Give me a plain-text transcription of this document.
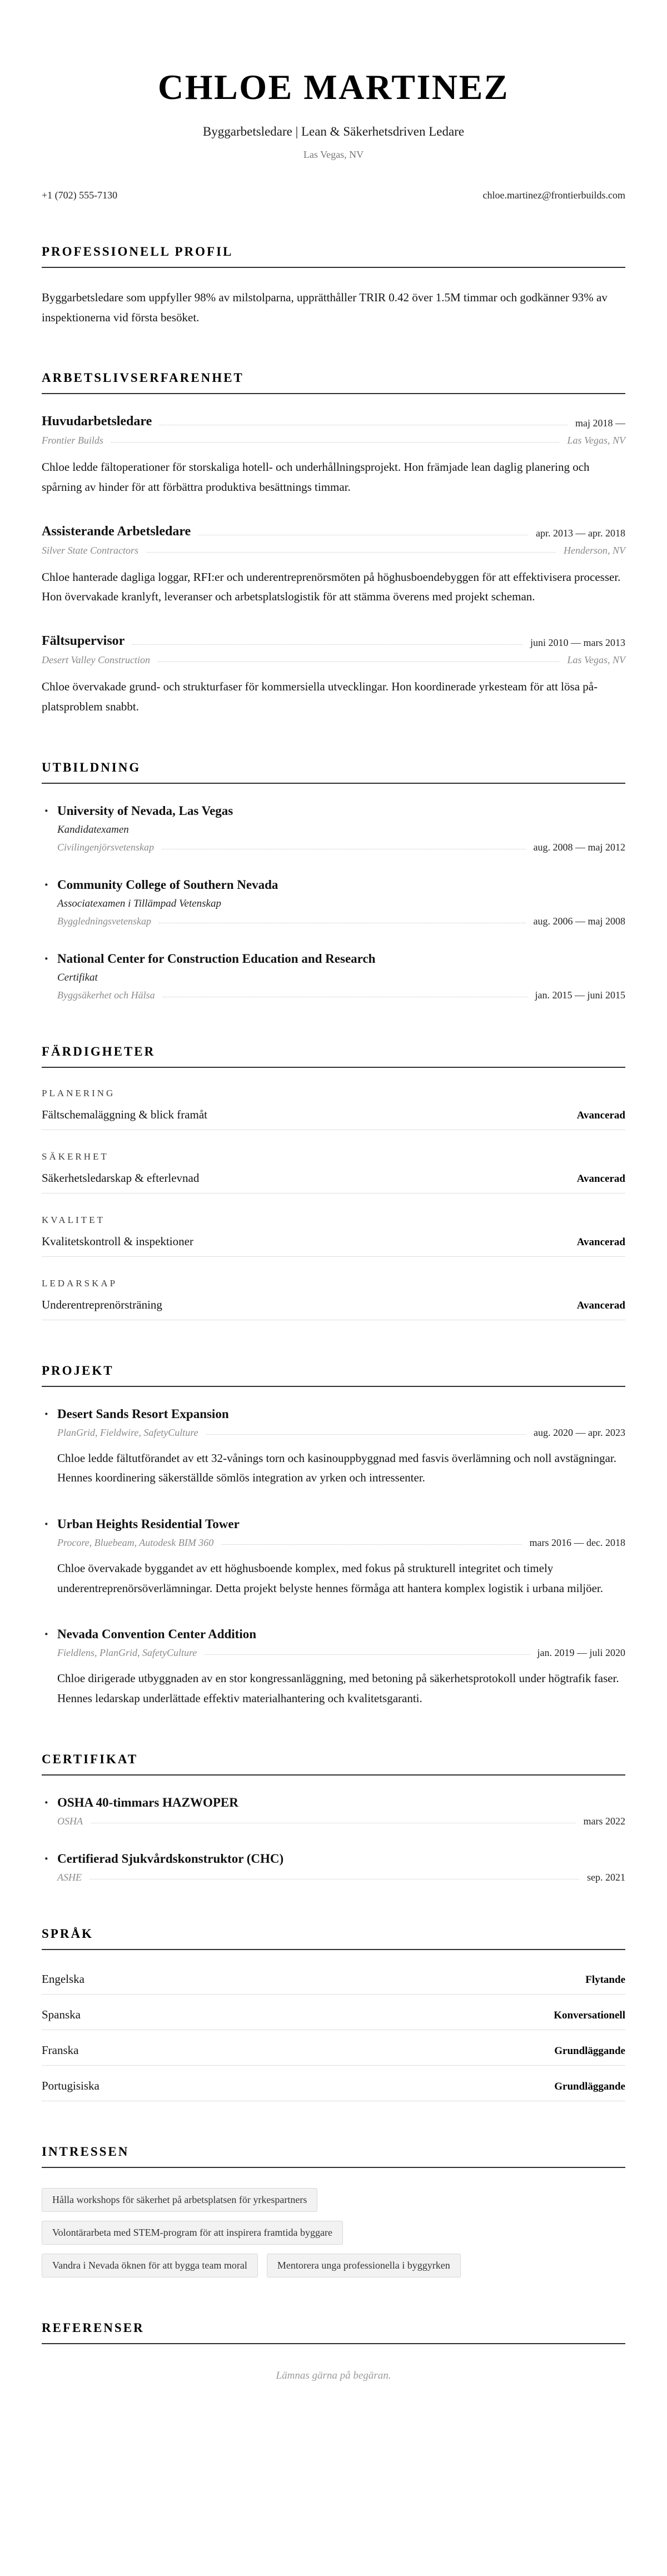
CHLOE MARTINEZ
Byggarbetsledare | Lean & Säkerhetsdriven Ledare
Las Vegas, NV
+1 (702) 555-7130	chloe.martinez@frontierbuilds.com
PROFESSIONELL PROFIL

Byggarbetsledare som uppfyller 98% av milstolparna, upprätthåller TRIR 0.42 över 1.5M timmar och godkänner 93% av inspektionerna vid första besöket.

ARBETSLIVSERFARENHET
Huvudarbetsledare	maj 2018 —
Frontier Builds	Las Vegas, NV

Chloe ledde fältoperationer för storskaliga hotell- och underhållningsprojekt. Hon främjade lean daglig planering och spårning av hinder för att förbättra produktiva besättnings timmar.

Assisterande Arbetsledare	apr. 2013 — apr. 2018
Silver State Contractors	Henderson, NV

Chloe hanterade dagliga loggar, RFI:er och underentreprenörsmöten på höghusboendebyggen för att effektivisera processer. Hon övervakade kranlyft, leveranser och arbetsplatslogistik för att stämma överens med projekt scheman.

Fältsupervisor	juni 2010 — mars 2013
Desert Valley Construction	Las Vegas, NV

Chloe övervakade grund- och strukturfaser för kommersiella utvecklingar. Hon koordinerade yrkesteam för att lösa på-platsproblem snabbt.

UTBILDNING
· University of Nevada, Las Vegas
Kandidatexamen
Civilingenjörsvetenskap	aug. 2008 — maj 2012
· Community College of Southern Nevada
Associatexamen i Tillämpad Vetenskap
Byggledningsvetenskap	aug. 2006 — maj 2008
· National Center for Construction Education and Research
Certifikat
Byggsäkerhet och Hälsa	jan. 2015 — juni 2015
FÄRDIGHETER
PLANERING
Fältschemaläggning & blick framåt	Avancerad
SÄKERHET
Säkerhetsledarskap & efterlevnad	Avancerad
KVALITET
Kvalitetskontroll & inspektioner	Avancerad
LEDARSKAP
Underentreprenörsträning	Avancerad
PROJEKT
· Desert Sands Resort Expansion
PlanGrid, Fieldwire, SafetyCulture	aug. 2020 — apr. 2023

Chloe ledde fältutförandet av ett 32-vånings torn och kasinouppbyggnad med fasvis överlämning och noll avstägningar. Hennes koordinering säkerställde sömlös integration av yrken och intressenter.

· Urban Heights Residential Tower
Procore, Bluebeam, Autodesk BIM 360	mars 2016 — dec. 2018

Chloe övervakade byggandet av ett höghusboende komplex, med fokus på strukturell integritet och timely underentreprenörsöverlämningar. Detta projekt belyste hennes förmåga att hantera komplex logistik i urbana miljöer.

· Nevada Convention Center Addition
Fieldlens, PlanGrid, SafetyCulture	jan. 2019 — juli 2020

Chloe dirigerade utbyggnaden av en stor kongressanläggning, med betoning på säkerhetsprotokoll under högtrafik faser. Hennes ledarskap underlättade effektiv materialhantering och kvalitetsgaranti.

CERTIFIKAT
· OSHA 40-timmars HAZWOPER
OSHA	mars 2022
· Certifierad Sjukvårdskonstruktor (CHC)
ASHE	sep. 2021
SPRÅK
Engelska	Flytande
Spanska	Konversationell
Franska	Grundläggande
Portugisiska	Grundläggande
INTRESSEN
Hålla workshops för säkerhet på arbetsplatsen för yrkespartners
Volontärarbeta med STEM-program för att inspirera framtida byggare
Vandra i Nevada öknen för att bygga team moral	Mentorera unga professionella i byggyrken
REFERENSER
Lämnas gärna på begäran.
